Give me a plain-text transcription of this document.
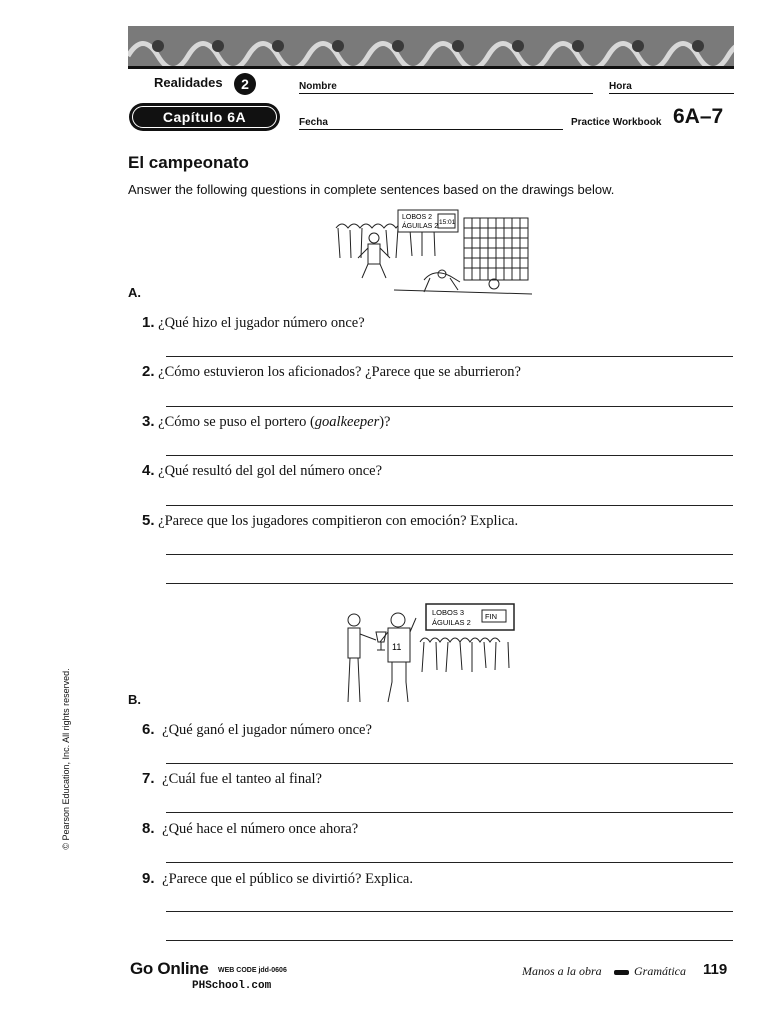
Realidades	2
Capítulo 6A
Nombre	Hora
Fecha	Practice Workbook 6A–7
El campeonato
Answer the following questions in complete sentences based on the drawings below.
LOBOS 2
ÁGUILAS 2
15:01
A.
1. ¿Qué hizo el jugador número once?
2. ¿Cómo estuvieron los aficionados? ¿Parece que se aburrieron?
3. ¿Cómo se puso el portero (goalkeeper)?
4. ¿Qué resultó del gol del número once?
5. ¿Parece que los jugadores compitieron con emoción? Explica.
11
LOBOS 3
ÁGUILAS 2
FIN
B.
6. ¿Qué ganó el jugador número once?
7. ¿Cuál fue el tanteo al final?
8. ¿Qué hace el número once ahora?
9. ¿Parece que el público se divirtió? Explica.
© Pearson Education, Inc. All rights reserved.
Go Online WEB CODE jdd-0606
PHSchool.com
Manos a la obra	Gramática 119
